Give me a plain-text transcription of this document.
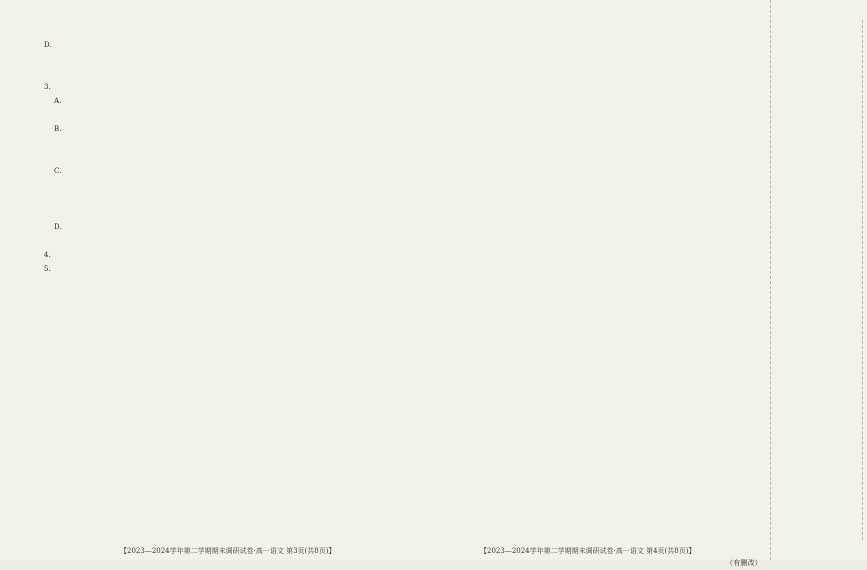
D.
3.
A.
B.
C.
D.
4.
5.
（有删改）
【2023—2024学年第二学期期末调研试卷·高一语文 第3页(共8页)】	【2023—2024学年第二学期期末调研试卷·高一语文 第4页(共8页)】
